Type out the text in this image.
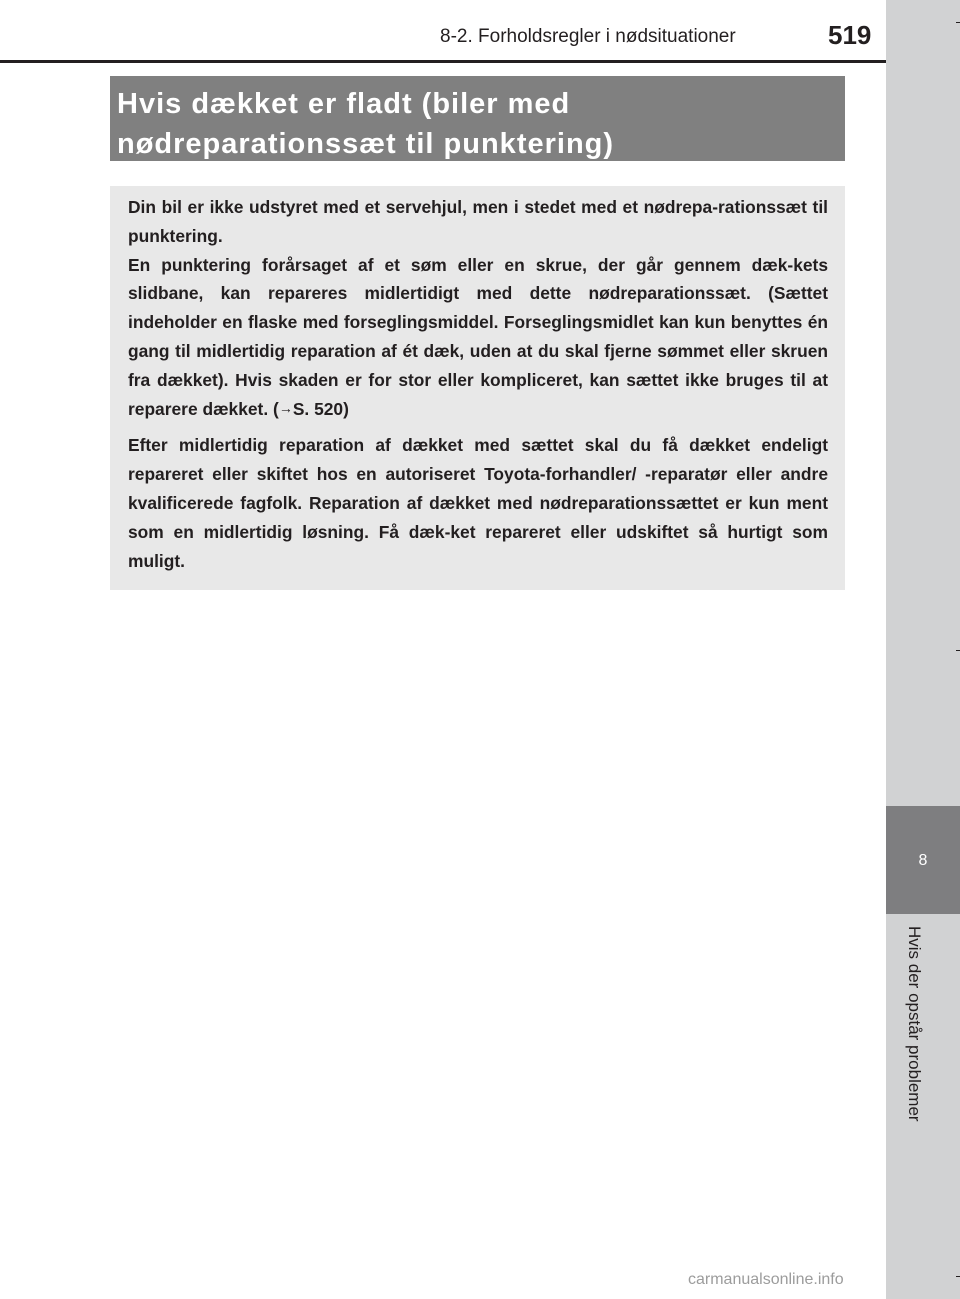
8-2. Forholdsregler i nødsituationer	519
8
Hvis der opstår problemer
Hvis dækket er fladt (biler med
nødreparationssæt til punktering)

Din bil er ikke udstyret med et servehjul, men i stedet med et nødrepa-rationssæt til punktering.

En punktering forårsaget af et søm eller en skrue, der går gennem dæk-kets slidbane, kan repareres midlertidigt med dette nødreparationssæt. (Sættet indeholder en flaske med forseglingsmiddel. Forseglingsmidlet kan kun benyttes én gang til midlertidig reparation af ét dæk, uden at du skal fjerne sømmet eller skruen fra dækket). Hvis skaden er for stor eller kompliceret, kan sættet ikke bruges til at reparere dækket. (→S. 520)

Efter midlertidig reparation af dækket med sættet skal du få dækket endeligt repareret eller skiftet hos en autoriseret Toyota-forhandler/ -reparatør eller andre kvalificerede fagfolk. Reparation af dækket med nødreparationssættet er kun ment som en midlertidig løsning. Få dæk-ket repareret eller udskiftet så hurtigt som muligt.

carmanualsonline.info
